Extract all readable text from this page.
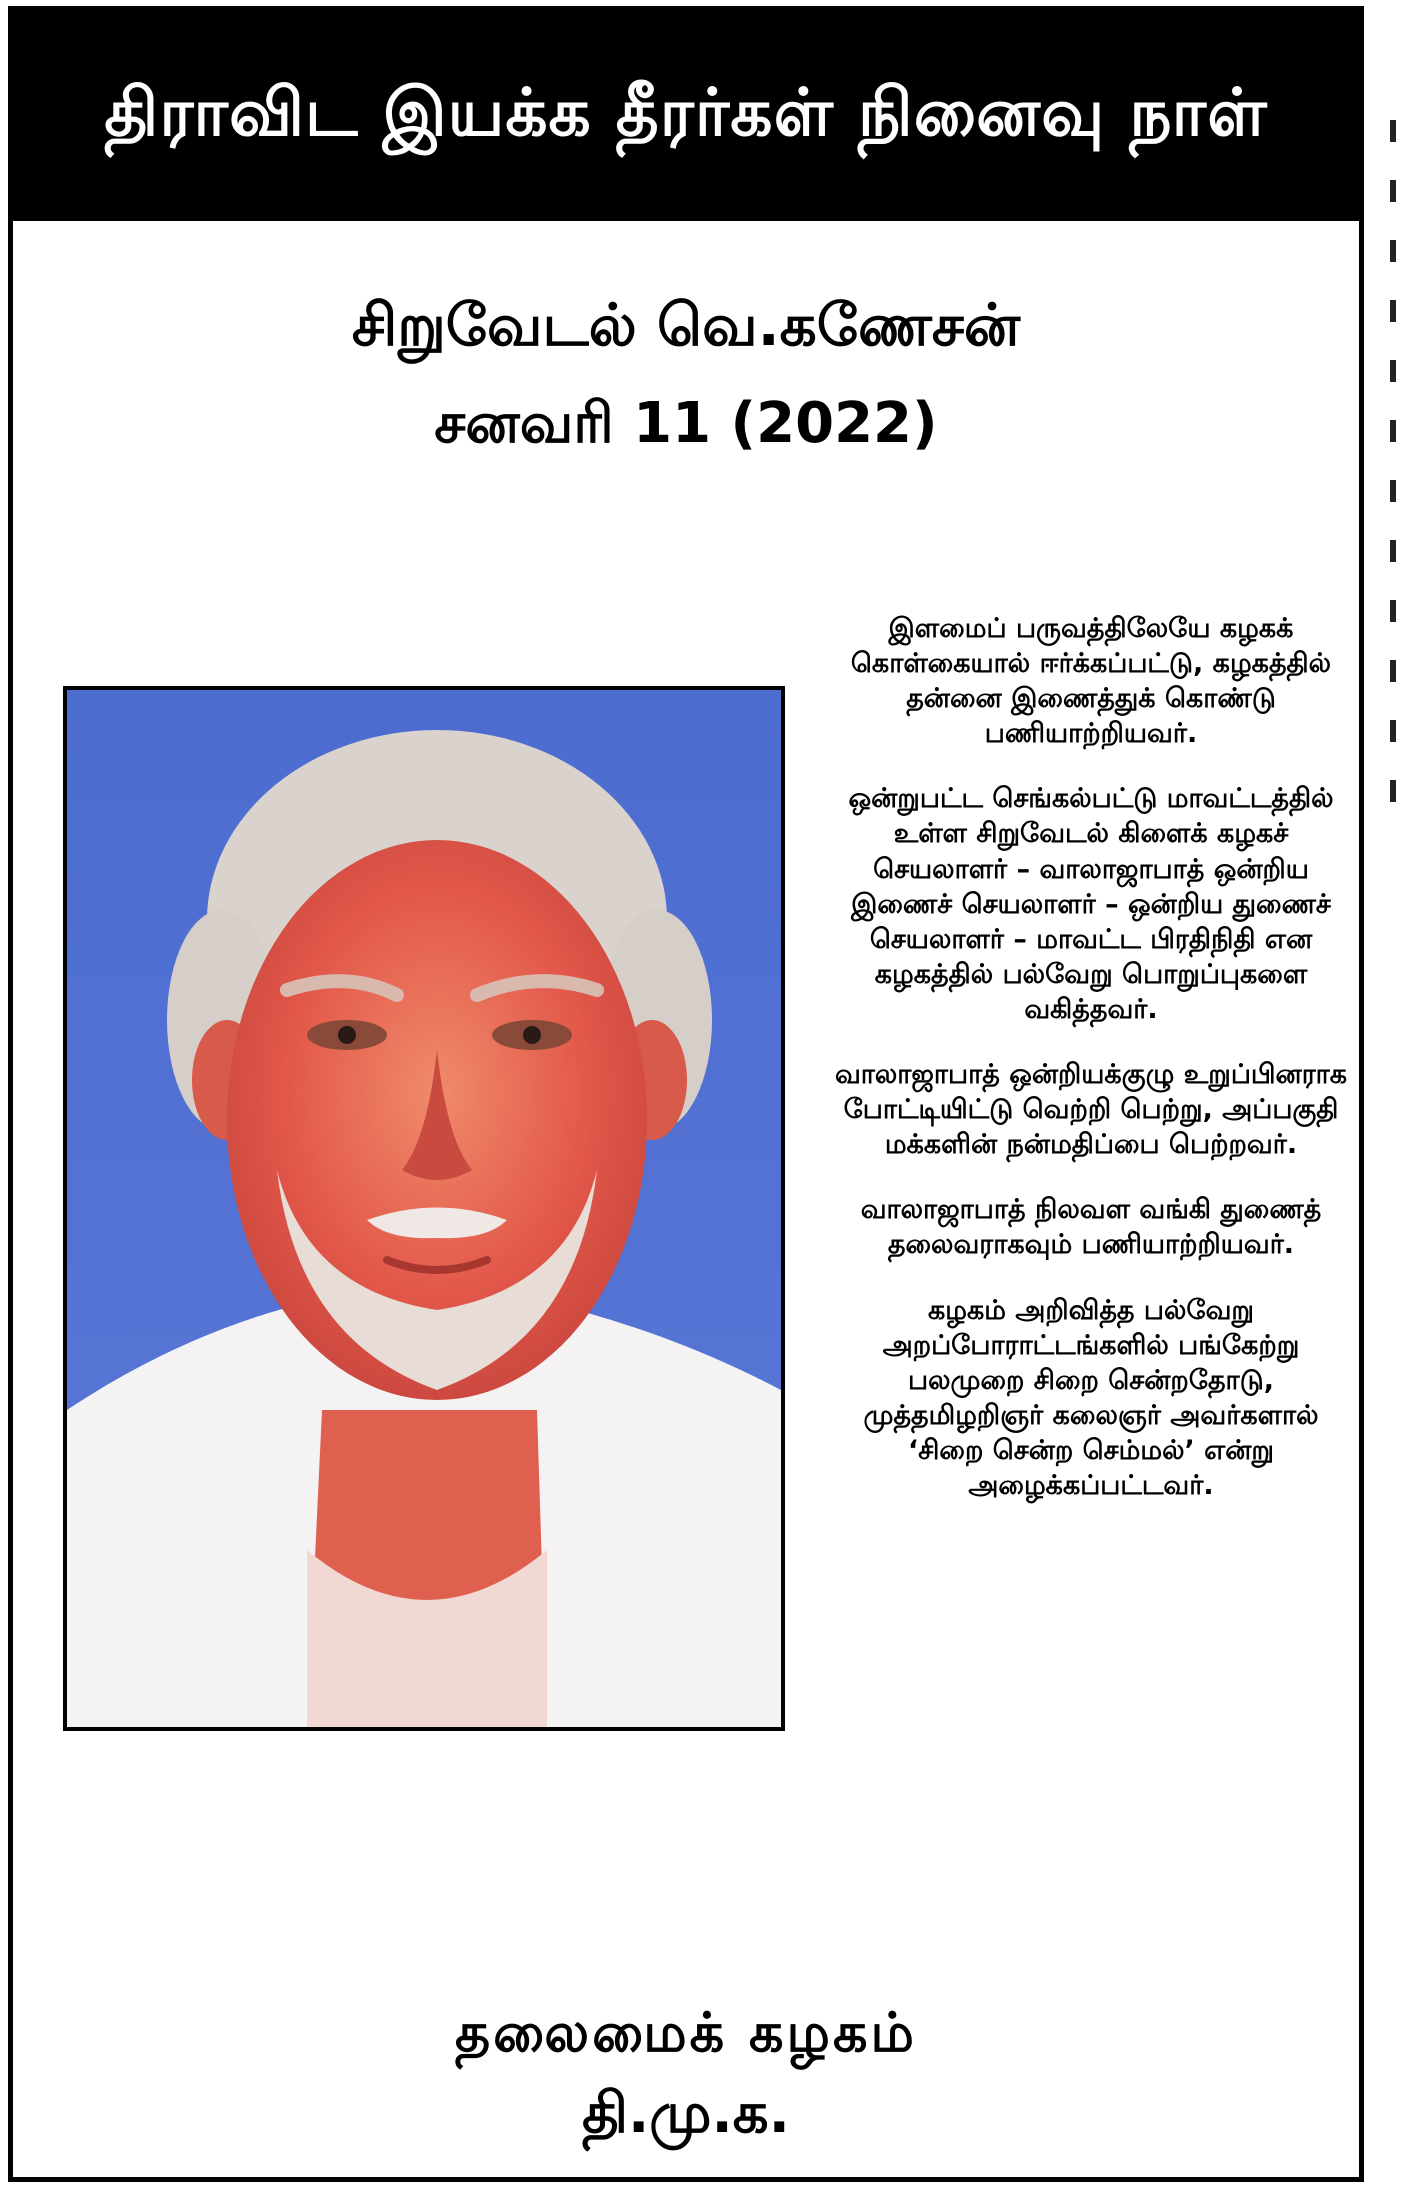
திராவிட இயக்க தீரர்கள் நினைவு நாள்
சிறுவேடல் வெ.கணேசன்
சனவரி 11 (2022)

இளமைப் பருவத்திலேயே கழகக் கொள்கையால் ஈர்க்கப்பட்டு, கழகத்தில் தன்னை இணைத்துக் கொண்டு பணியாற்றியவர்.

ஒன்றுபட்ட செங்கல்பட்டு மாவட்டத்தில் உள்ள சிறுவேடல் கிளைக் கழகச் செயலாளர் – வாலாஜாபாத் ஒன்றிய இணைச் செயலாளர் – ஒன்றிய துணைச் செயலாளர் – மாவட்ட பிரதிநிதி என கழகத்தில் பல்வேறு பொறுப்புகளை வகித்தவர்.

வாலாஜாபாத் ஒன்றியக்குழு உறுப்பினராக போட்டியிட்டு வெற்றி பெற்று, அப்பகுதி மக்களின் நன்மதிப்பை பெற்றவர்.

வாலாஜாபாத் நிலவள வங்கி துணைத் தலைவராகவும் பணியாற்றியவர்.

கழகம் அறிவித்த பல்வேறு அறப்போராட்டங்களில் பங்கேற்று பலமுறை சிறை சென்றதோடு, முத்தமிழறிஞர் கலைஞர் அவர்களால் ‘சிறை சென்ற செம்மல்’ என்று அழைக்கப்பட்டவர்.

தலைமைக் கழகம்
தி.மு.க.
